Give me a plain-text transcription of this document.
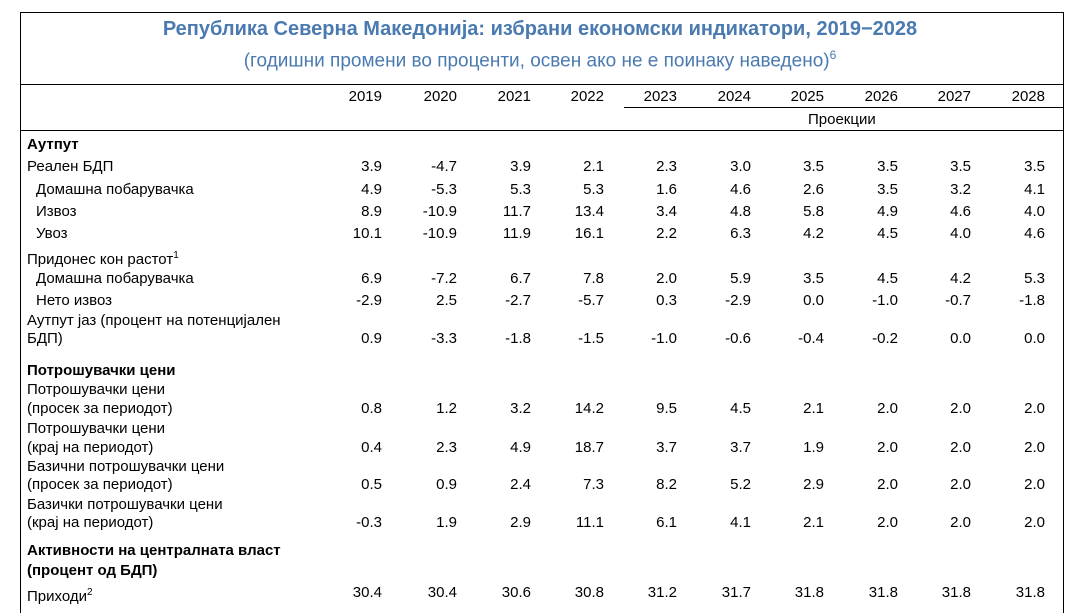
Република Северна Македонија: избрани економски индикатори, 2019−2028
(годишни промени во проценти, освен ако не е поинаку наведено)$^6$
2019	2020	2021	2022	2023	2024	2025	2026	2027	2028
Проекции
Аутпут
Потрошувачки цени
Активности на централната власт
(процент од БДП)
Реален БДП	3.9	-4.7	3.9	2.1	2.3	3.0	3.5	3.5	3.5	3.5
Домашна побарувачка	4.9	-5.3	5.3	5.3	1.6	4.6	2.6	3.5	3.2	4.1
Извоз	8.9	-10.9	11.7	13.4	3.4	4.8	5.8	4.9	4.6	4.0
Увоз	10.1	-10.9	11.9	16.1	2.2	6.3	4.2	4.5	4.0	4.6
Придонес кон растот$^1$
Домашна побарувачка	6.9	-7.2	6.7	7.8	2.0	5.9	3.5	4.5	4.2	5.3
Нето извоз	-2.9	2.5	-2.7	-5.7	0.3	-2.9	0.0	-1.0	-0.7	-1.8
Аутпут јаз (процент на потенцијален
БДП)	0.9	-3.3	-1.8	-1.5	-1.0	-0.6	-0.4	-0.2	0.0	0.0
Потрошувачки цени
(просек за периодот)	0.8	1.2	3.2	14.2	9.5	4.5	2.1	2.0	2.0	2.0
Потрошувачки цени
(крај на периодот)	0.4	2.3	4.9	18.7	3.7	3.7	1.9	2.0	2.0	2.0
Базични потрошувачки цени
(просек за периодот)	0.5	0.9	2.4	7.3	8.2	5.2	2.9	2.0	2.0	2.0
Базички потрошувачки цени
(крај на периодот)	-0.3	1.9	2.9	11.1	6.1	4.1	2.1	2.0	2.0	2.0
Приходи$^2$	30.4	30.4	30.6	30.8	31.2	31.7	31.8	31.8	31.8	31.8
